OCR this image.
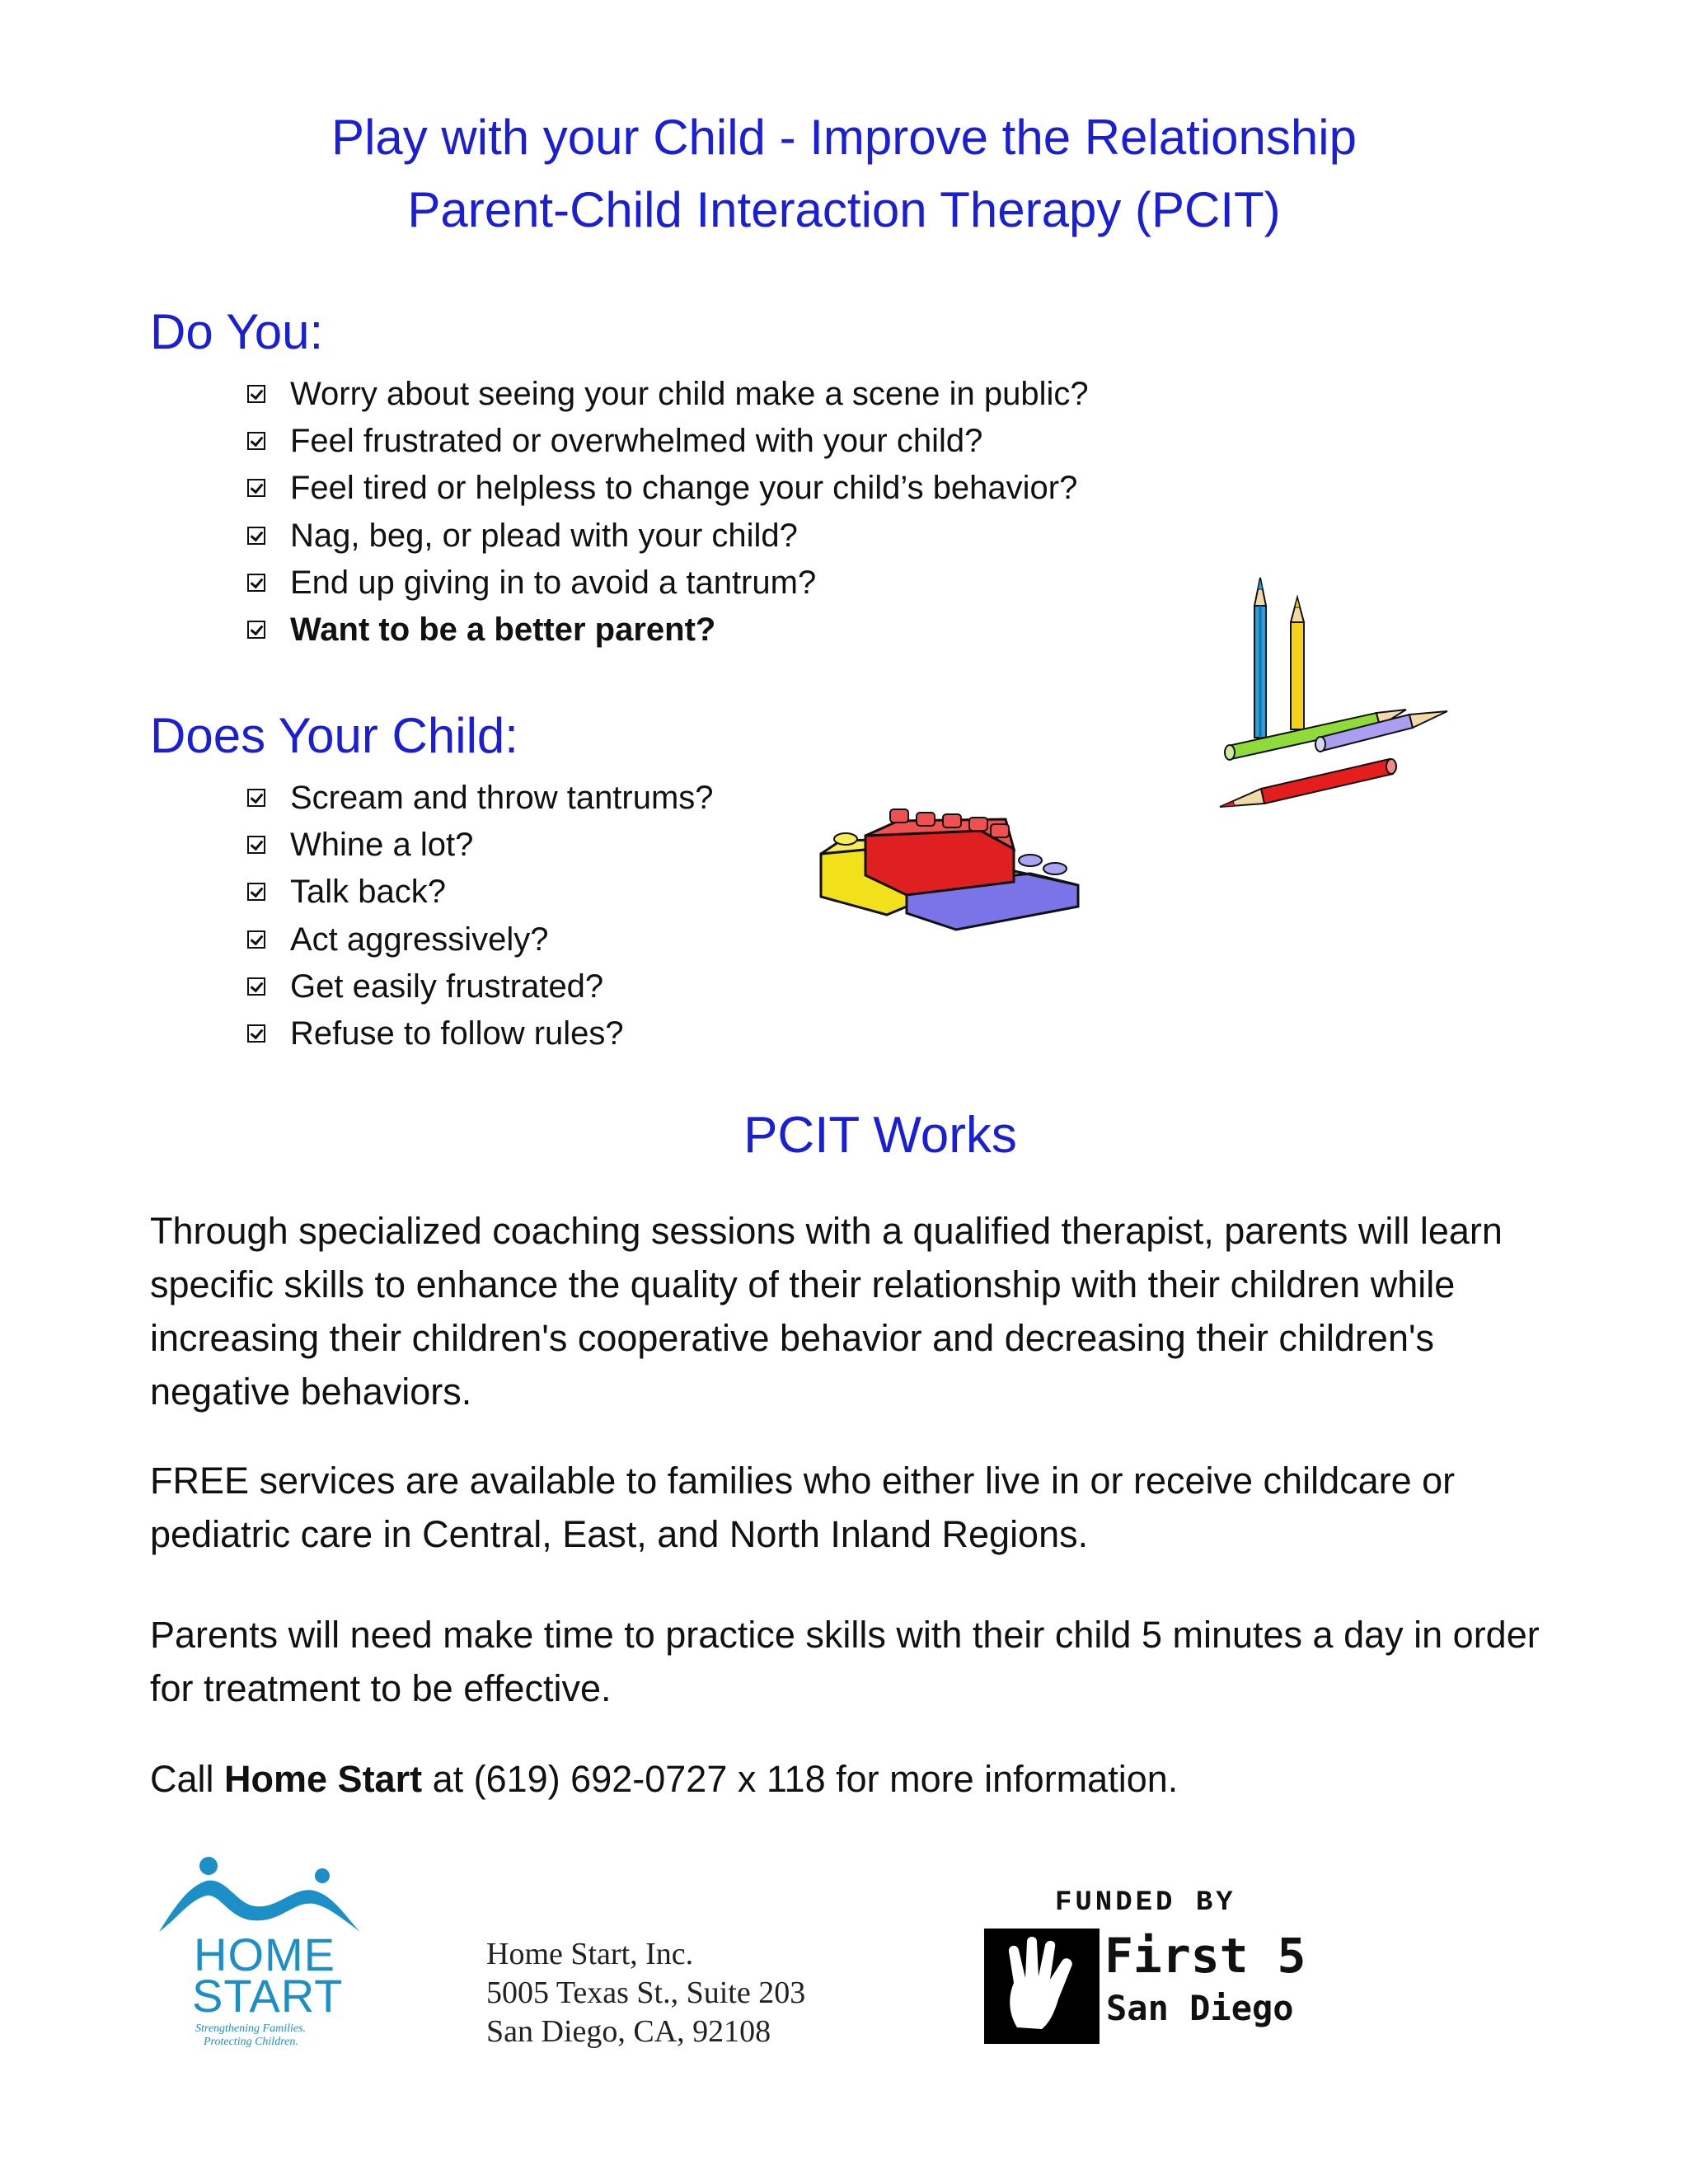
Play with your Child - Improve the Relationship
Parent-Child Interaction Therapy (PCIT)
Do You:
Worry about seeing your child make a scene in public?
Feel frustrated or overwhelmed with your child?
Feel tired or helpless to change your child’s behavior?
Nag, beg, or plead with your child?
End up giving in to avoid a tantrum?
Want to be a better parent?
Does Your Child:
Scream and throw tantrums?
Whine a lot?
Talk back?
Act aggressively?
Get easily frustrated?
Refuse to follow rules?
PCIT Works

Through specialized coaching sessions with a qualified therapist, parents will learn specific skills to enhance the quality of their relationship with their children while increasing their children's cooperative behavior and decreasing their children's negative behaviors.

FREE services are available to families who either live in or receive childcare or pediatric care in Central, East, and North Inland Regions.

Parents will need make time to practice skills with their child 5 minutes a day in order for treatment to be effective.

Call Home Start at (619) 692-0727 x 118 for more information.

HOME
START
Strengthening Families.
Protecting Children.
Home Start, Inc.
5005 Texas St., Suite 203
San Diego, CA, 92108
FUNDED BY
First 5
San Diego
